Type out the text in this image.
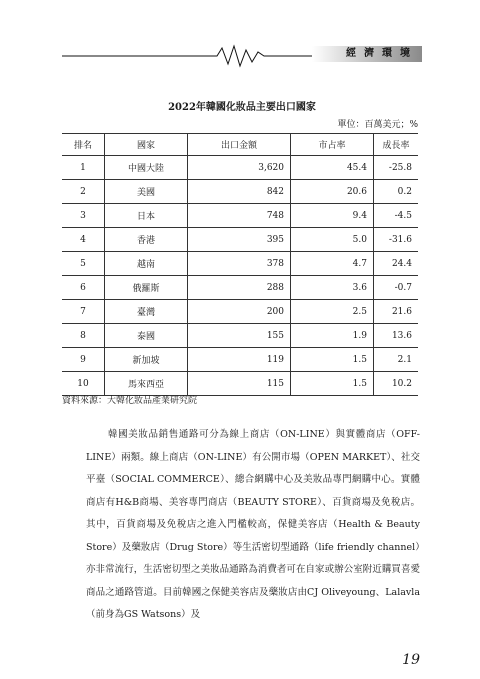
經濟環境
2022年韓國化妝品主要出口國家
單位：百萬美元；%
排名	國家	出口金額	市占率	成長率
1	中國大陸	3,620	45.4	-25.8
2	美國	842	20.6	0.2
3	日本	748	9.4	-4.5
4	香港	395	5.0	-31.6
5	越南	378	4.7	24.4
6	俄羅斯	288	3.6	-0.7
7	臺灣	200	2.5	21.6
8	泰國	155	1.9	13.6
9	新加坡	119	1.5	2.1
10	馬來西亞	115	1.5	10.2
資料來源：大韓化妝品產業研究院

韓國美妝品銷售通路可分為線上商店（ON-LINE）與實體商店（OFF-LINE）兩類。線上商店（ON-LINE）有公開市場（OPEN MARKET）、社交平臺（SOCIAL COMMERCE）、總合網購中心及美妝品專門網購中心。實體商店有H&B商場、美容專門商店（BEAUTY STORE）、百貨商場及免稅店。其中，百貨商場及免稅店之進入門檻較高，保健美容店（Health & Beauty Store）及藥妝店（Drug Store）等生活密切型通路（life friendly channel）亦非常流行，生活密切型之美妝品通路為消費者可在自家或辦公室附近購買喜愛商品之通路管道。目前韓國之保健美容店及藥妝店由CJ Oliveyoung、Lalavla（前身為GS Watsons）及

19
